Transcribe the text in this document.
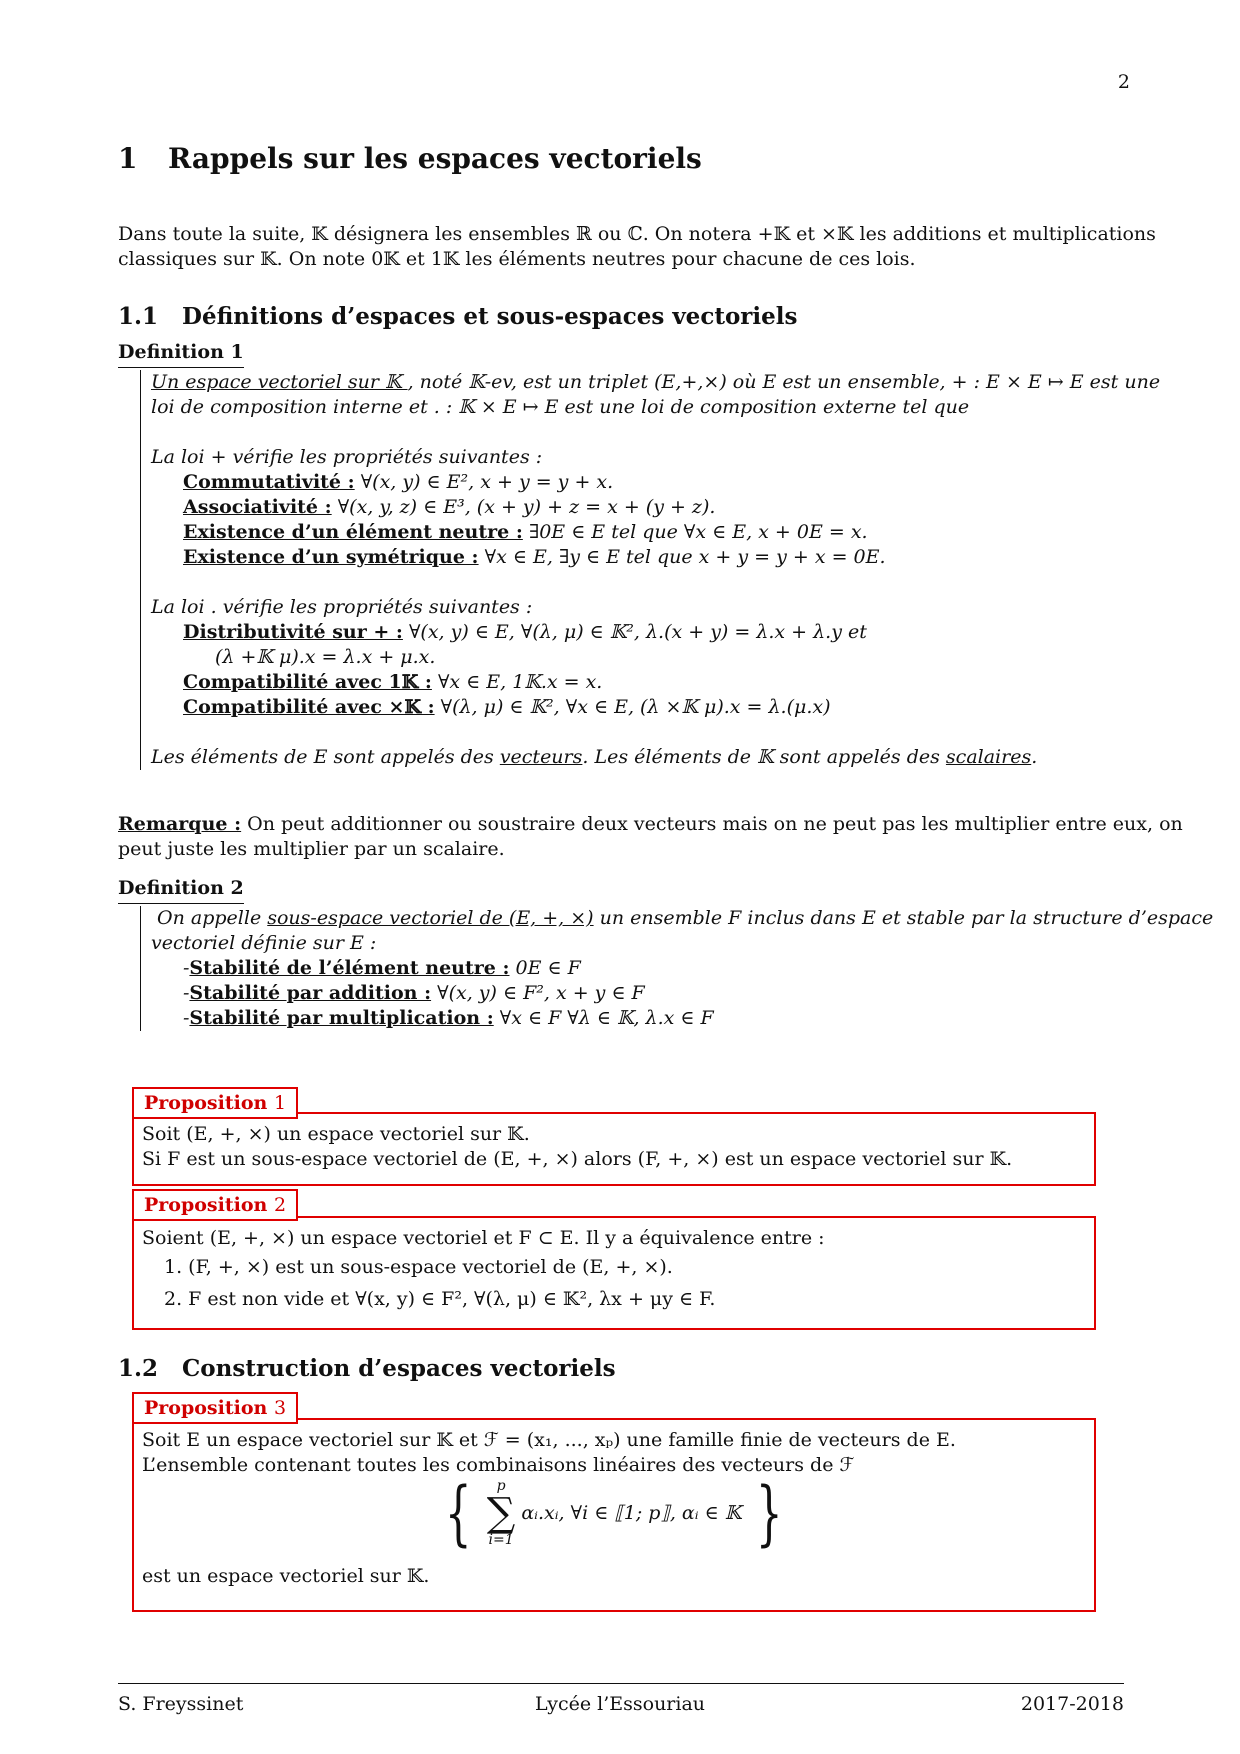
2
1 Rappels sur les espaces vectoriels
Dans toute la suite, 𝕂 désignera les ensembles ℝ ou ℂ. On notera +𝕂 et ×𝕂 les additions et multiplications
classiques sur 𝕂. On note 0𝕂 et 1𝕂 les éléments neutres pour chacune de ces lois.
1.1 Définitions d’espaces et sous-espaces vectoriels
Definition 1
Un espace vectoriel sur 𝕂 , noté 𝕂-ev, est un triplet (E,+,×) où E est un ensemble, + : E × E ↦ E est une
loi de composition interne et . : 𝕂 × E ↦ E est une loi de composition externe tel que
La loi + vérifie les propriétés suivantes :
Commutativité : ∀(x, y) ∈ E², x + y = y + x.
Associativité : ∀(x, y, z) ∈ E³, (x + y) + z = x + (y + z).
Existence d’un élément neutre : ∃0E ∈ E tel que ∀x ∈ E, x + 0E = x.
Existence d’un symétrique : ∀x ∈ E, ∃y ∈ E tel que x + y = y + x = 0E.
La loi . vérifie les propriétés suivantes :
Distributivité sur + : ∀(x, y) ∈ E, ∀(λ, μ) ∈ 𝕂², λ.(x + y) = λ.x + λ.y et
(λ +𝕂 μ).x = λ.x + μ.x.
Compatibilité avec 1𝕂 : ∀x ∈ E, 1𝕂.x = x.
Compatibilité avec ×𝕂 : ∀(λ, μ) ∈ 𝕂², ∀x ∈ E, (λ ×𝕂 μ).x = λ.(μ.x)
Les éléments de E sont appelés des vecteurs. Les éléments de 𝕂 sont appelés des scalaires.
Remarque : On peut additionner ou soustraire deux vecteurs mais on ne peut pas les multiplier entre eux, on
peut juste les multiplier par un scalaire.
Definition 2
On appelle sous-espace vectoriel de (E, +, ×) un ensemble F inclus dans E et stable par la structure d’espace
vectoriel définie sur E :
-Stabilité de l’élément neutre : 0E ∈ F
-Stabilité par addition : ∀(x, y) ∈ F², x + y ∈ F
-Stabilité par multiplication : ∀x ∈ F ∀λ ∈ 𝕂, λ.x ∈ F
Soit (E, +, ×) un espace vectoriel sur 𝕂.
Si F est un sous-espace vectoriel de (E, +, ×) alors (F, +, ×) est un espace vectoriel sur 𝕂.
Proposition 1
Soient (E, +, ×) un espace vectoriel et F ⊂ E. Il y a équivalence entre :
1. (F, +, ×) est un sous-espace vectoriel de (E, +, ×).
2. F est non vide et ∀(x, y) ∈ F², ∀(λ, μ) ∈ 𝕂², λx + μy ∈ F.
Proposition 2
1.2 Construction d’espaces vectoriels
Soit E un espace vectoriel sur 𝕂 et ℱ = (x₁, ..., xₚ) une famille finie de vecteurs de E.
L’ensemble contenant toutes les combinaisons linéaires des vecteurs de ℱ
{ p
∑
i=1
αᵢ.xᵢ, ∀i ∈ ⟦1; p⟧, αᵢ ∈ 𝕂 }
est un espace vectoriel sur 𝕂.
Proposition 3
S. Freyssinet	Lycée l’Essouriau	2017-2018
